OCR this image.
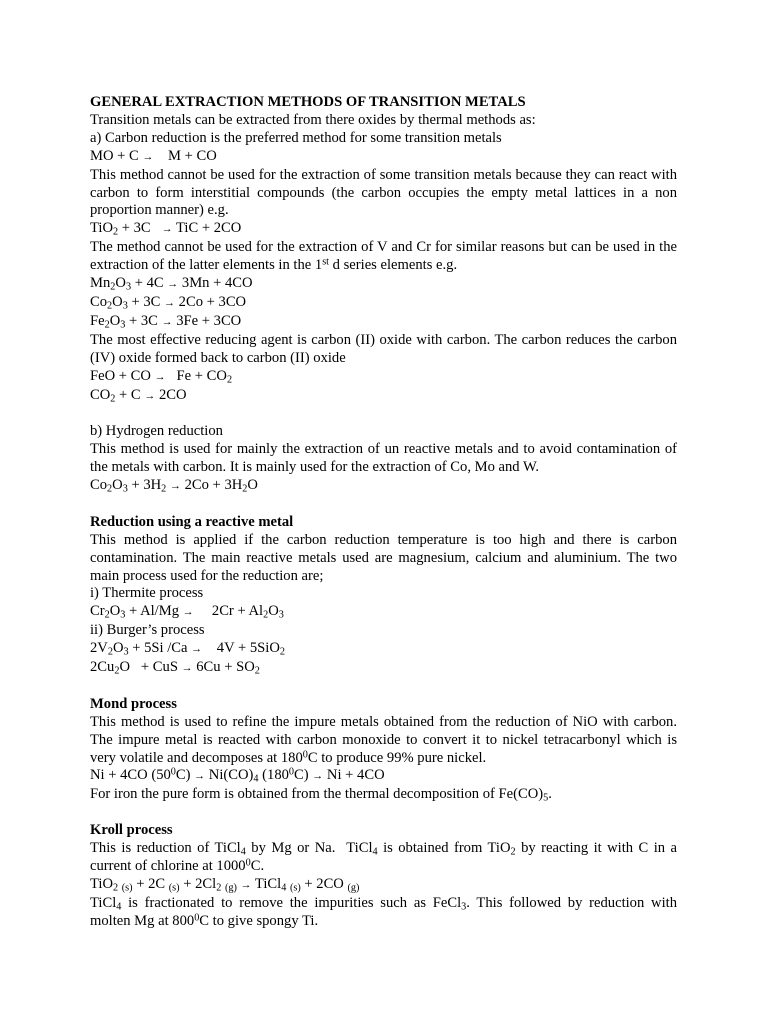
GENERAL EXTRACTION METHODS OF TRANSITION METALS
Transition metals can be extracted from there oxides by thermal methods as:
a) Carbon reduction is the preferred method for some transition metals
MO + C →    M + CO
This method cannot be used for the extraction of some transition metals because they can react with carbon to form interstitial compounds (the carbon occupies the empty metal lattices in a non proportion manner) e.g.
TiO$_2$ + 3C   → TiC + 2CO
The method cannot be used for the extraction of V and Cr for similar reasons but can be used in the extraction of the latter elements in the 1st d series elements e.g.
$Mn_2O_3 + 4C \to 3Mn + 4CO$
$Co_2O_3 + 3C \to 2Co + 3CO$
$Fe_2O_3 + 3C \to 3Fe + 3CO$
The most effective reducing agent is carbon (II) oxide with carbon. The carbon reduces the carbon (IV) oxide formed back to carbon (II) oxide
FeO + CO →   $Fe + CO_2$
$CO_2 + C \to 2CO$
b) Hydrogen reduction
This method is used for mainly the extraction of un reactive metals and to avoid contamination of the metals with carbon. It is mainly used for the extraction of Co, Mo and W.
$Co_2O_3 + 3H_2 \to 2Co + 3H_2O$
Reduction using a reactive metal
This method is applied if the carbon reduction temperature is too high and there is carbon contamination. The main reactive metals used are magnesium, calcium and aluminium. The two main process used for the reduction are;
i) Thermite process
$Cr_2O_3 + Al/Mg$ →     $2Cr + Al_2O_3$
ii) Burger’s process
$2V_2O_3 + 5Si$ /Ca →    4V + 5SiO$_2$
$2Cu_2O$   + CuS → $6Cu + SO_2$
Mond process
This method is used to refine the impure metals obtained from the reduction of NiO with carbon. The impure metal is reacted with carbon monoxide to convert it to nickel tetracarbonyl which is very volatile and decomposes at $180^0C$ to produce 99% pure nickel.
Ni + 4CO $(50^0C) \to Ni(CO)_4$ $(180^0C) \to Ni + 4CO$
For iron the pure form is obtained from the thermal decomposition of $Fe(CO)_5$.
Kroll process
This is reduction of TiCl$_4$ by Mg or Na.  TiCl$_4$ is obtained from TiO$_2$ by reacting it with C in a current of chlorine at 1000$^0$C.
TiO$_2$ $_{(s)}$ + 2C $_{(s)} + 2Cl_2$ $_{(g)}$ → TiCl$_4$ $_{(s)}$ + 2CO $_{(g)}$
TiCl$_4$ is fractionated to remove the impurities such as FeCl$_3$. This followed by reduction with molten Mg at $800^0C$ to give spongy Ti.
